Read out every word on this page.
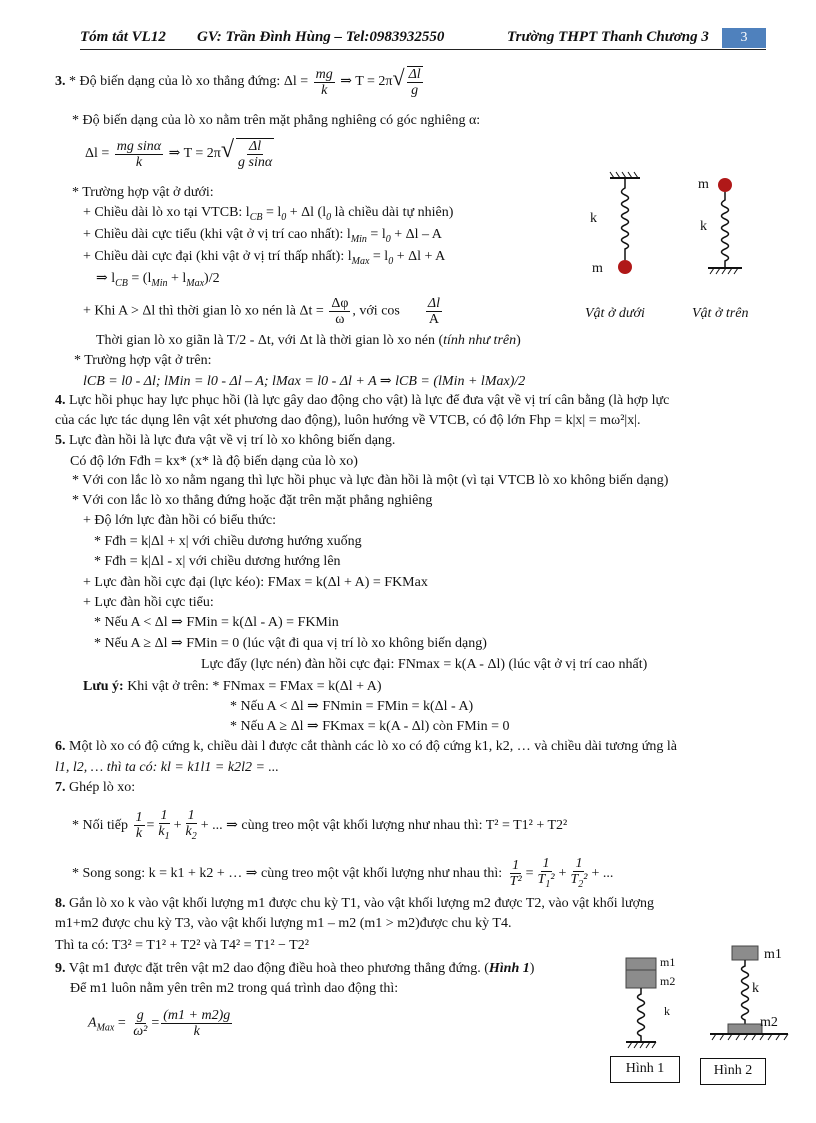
Tóm tắt VL12 GV: Trần Đình Hùng – Tel:0983932550	Trường THPT Thanh Chương 3	3
3. * Độ biến dạng của lò xo thẳng đứng: $\Delta l = \frac{mg}{k}$ ⇒ $T = 2\pi√ \frac{\Delta l}{g}$
* Độ biến dạng của lò xo nằm trên mặt phẳng nghiêng có góc nghiêng α:
$\Delta l = \frac{\text{mg sinα}}{k}$ ⇒ $T = 2\pi√ \frac{\Delta l}{\text{g sinα}}$
* Trường hợp vật ở dưới:
+ Chiều dài lò xo tại VTCB: $l_{CB} = l_0 + \Delta l$ ($l_0$ là chiều dài tự nhiên)
+ Chiều dài cực tiểu (khi vật ở vị trí cao nhất): $l_{Min} = l_0 + \Delta l - A$
+ Chiều dài cực đại (khi vật ở vị trí thấp nhất): $l_{Max} = l_0 + \Delta l + A$
⇒ $l_{CB} = (l_{Min} + l_{Max})/2$
+ Khi A > Δl thì thời gian lò xo nén là $\Delta t = \frac{\Delta\varphi}{\omega}$ , với $\cos \frac{\Delta l}{A}$
Thời gian lò xo giãn là T/2 - Δt, với Δt là thời gian lò xo nén (tính như trên)
* Trường hợp vật ở trên:
lCB = l0 - Δl; lMin = l0 - Δl – A; lMax = l0 - Δl + A ⇒ lCB = (lMin + lMax)/2
k
m
m
k
Vật ở dưới	Vật ở trên
4. Lực hồi phục hay lực phục hồi (là lực gây dao động cho vật) là lực để đưa vật về vị trí cân bằng (là hợp lực
của các lực tác dụng lên vật xét phương dao động), luôn hướng về VTCB, có độ lớn Fhp = k|x| = mω²|x|.
5. Lực đàn hồi là lực đưa vật về vị trí lò xo không biến dạng.
Có độ lớn Fđh = kx* (x* là độ biến dạng của lò xo)
* Với con lắc lò xo nằm ngang thì lực hồi phục và lực đàn hồi là một (vì tại VTCB lò xo không biến dạng)
* Với con lắc lò xo thẳng đứng hoặc đặt trên mặt phẳng nghiêng
+ Độ lớn lực đàn hồi có biểu thức:
* Fđh = k|Δl + x| với chiều dương hướng xuống
* Fđh = k|Δl - x| với chiều dương hướng lên
+ Lực đàn hồi cực đại (lực kéo): FMax = k(Δl + A) = FKMax
+ Lực đàn hồi cực tiểu:
* Nếu A < Δl ⇒ FMin = k(Δl - A) = FKMin
* Nếu A ≥ Δl ⇒ FMin = 0 (lúc vật đi qua vị trí lò xo không biến dạng)
Lực đẩy (lực nén) đàn hồi cực đại: FNmax = k(A - Δl) (lúc vật ở vị trí cao nhất)
Lưu ý: Khi vật ở trên: * FNmax = FMax = k(Δl + A)
* Nếu A < Δl ⇒ FNmin = FMin = k(Δl - A)
* Nếu A ≥ Δl ⇒ FKmax = k(A - Δl) còn FMin = 0
6. Một lò xo có độ cứng k, chiều dài l được cắt thành các lò xo có độ cứng k1, k2, … và chiều dài tương ứng là
l1, l2, … thì ta có: kl = k1l1 = k2l2 = ...
7. Ghép lò xo:
* Nối tiếp $\frac{1}{k} = \frac{1}{k_1} + \frac{1}{k_2}$ + ... ⇒ cùng treo một vật khối lượng như nhau thì: T² = T1² + T2²
* Song song: k = k1 + k2 + … ⇒ cùng treo một vật khối lượng như nhau thì: $\frac{1}{\text{T²}} = \frac{1}{T_1^2} + \frac{1}{T_2^2}$ + ...
8. Gắn lò xo k vào vật khối lượng m1 được chu kỳ T1, vào vật khối lượng m2 được T2, vào vật khối lượng
m1+m2 được chu kỳ T3, vào vật khối lượng m1 – m2 (m1 > m2)được chu kỳ T4.
Thì ta có: T3² = T1² + T2² và T4² = T1² − T2²
9. Vật m1 được đặt trên vật m2 dao động điều hoà theo phương thẳng đứng. (Hình 1)
Để m1 luôn nằm yên trên m2 trong quá trình dao động thì:
$A_{Max} = \frac{g}{\text{ω²}} = \frac{(m1 + m2)g}{k}$
m1
m2
k
m1
k
m2
Hình 1	Hình 2
